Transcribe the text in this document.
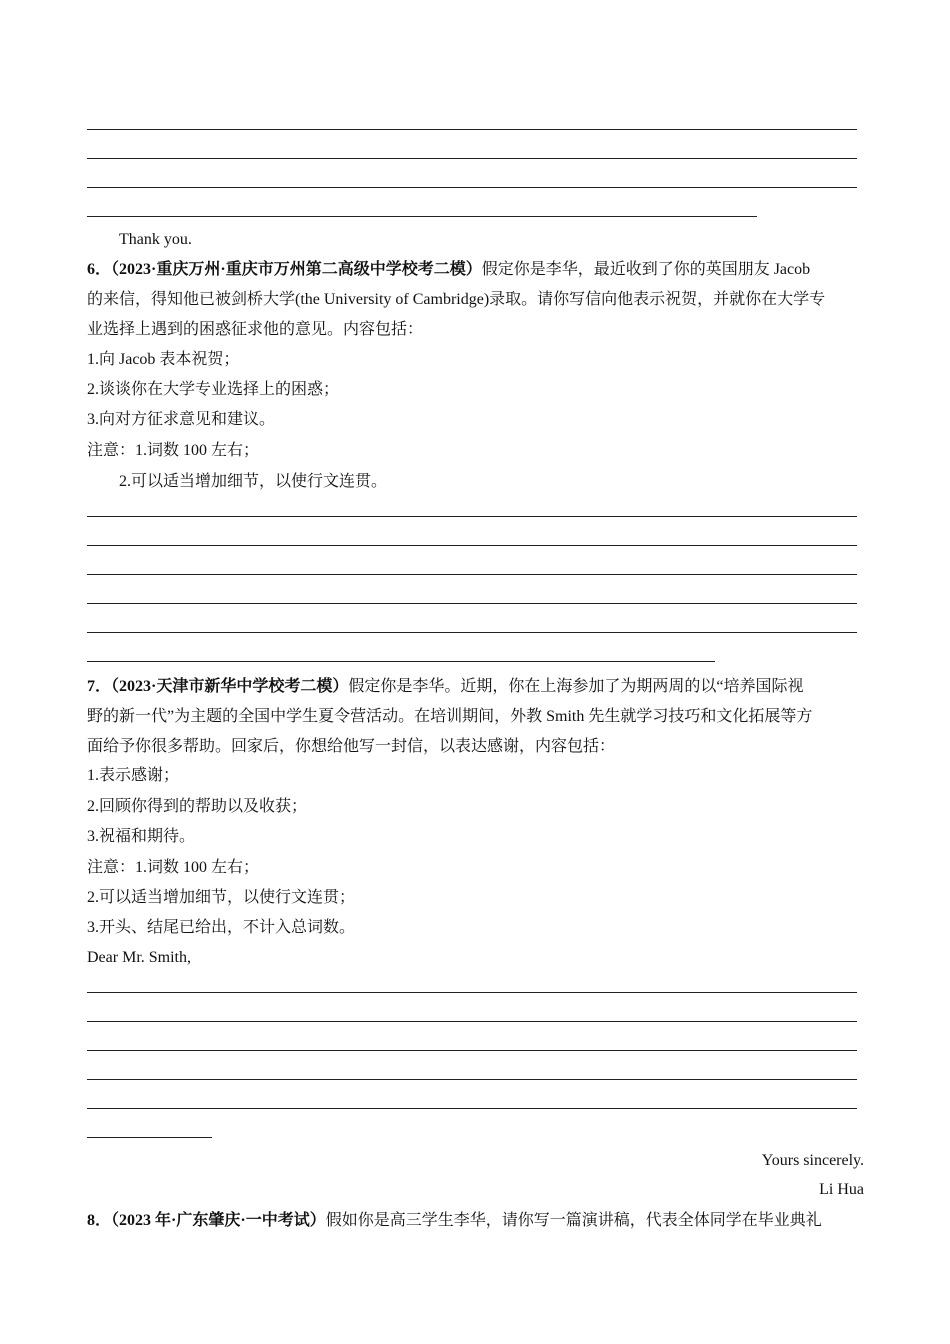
Thank you.
6．（2023·重庆万州·重庆市万州第二高级中学校考二模）假定你是李华，最近收到了你的英国朋友 Jacob
的来信，得知他已被剑桥大学(the University of Cambridge)录取。请你写信向他表示祝贺，并就你在大学专
业选择上遇到的困惑征求他的意见。内容包括：
1.向 Jacob 表本祝贺；
2.谈谈你在大学专业选择上的困惑；
3.向对方征求意见和建议。
注意：1.词数 100 左右；
2.可以适当增加细节，以使行文连贯。
7．（2023·天津市新华中学校考二模）假定你是李华。近期，你在上海参加了为期两周的以“培养国际视
野的新一代”为主题的全国中学生夏令营活动。在培训期间，外教 Smith 先生就学习技巧和文化拓展等方
面给予你很多帮助。回家后，你想给他写一封信，以表达感谢，内容包括：
1.表示感谢；
2.回顾你得到的帮助以及收获；
3.祝福和期待。
注意：1.词数 100 左右；
2.可以适当增加细节，以使行文连贯；
3.开头、结尾已给出，不计入总词数。
Dear Mr. Smith,
Yours sincerely.
Li Hua
8．（2023 年·广东肇庆·一中考试）假如你是高三学生李华，请你写一篇演讲稿，代表全体同学在毕业典礼
